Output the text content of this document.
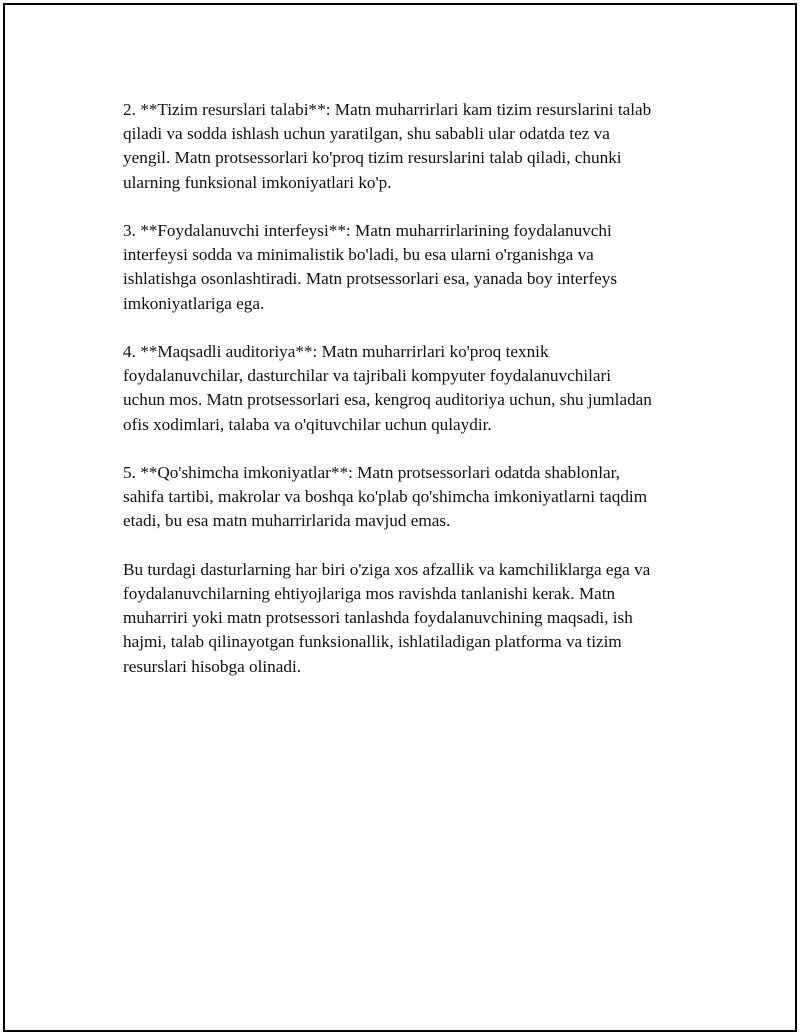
2. **Tizim resurslari talabi**: Matn muharrirlari kam tizim resurslarini talab
qiladi va sodda ishlash uchun yaratilgan, shu sababli ular odatda tez va
yengil. Matn protsessorlari ko'proq tizim resurslarini talab qiladi, chunki
ularning funksional imkoniyatlari ko'p.

3. **Foydalanuvchi interfeysi**: Matn muharrirlarining foydalanuvchi
interfeysi sodda va minimalistik bo'ladi, bu esa ularni o'rganishga va
ishlatishga osonlashtiradi. Matn protsessorlari esa, yanada boy interfeys
imkoniyatlariga ega.

4. **Maqsadli auditoriya**: Matn muharrirlari ko'proq texnik
foydalanuvchilar, dasturchilar va tajribali kompyuter foydalanuvchilari
uchun mos. Matn protsessorlari esa, kengroq auditoriya uchun, shu jumladan
ofis xodimlari, talaba va o'qituvchilar uchun qulaydir.

5. **Qo'shimcha imkoniyatlar**: Matn protsessorlari odatda shablonlar,
sahifa tartibi, makrolar va boshqa ko'plab qo'shimcha imkoniyatlarni taqdim
etadi, bu esa matn muharrirlarida mavjud emas.

Bu turdagi dasturlarning har biri o'ziga xos afzallik va kamchiliklarga ega va
foydalanuvchilarning ehtiyojlariga mos ravishda tanlanishi kerak. Matn
muharriri yoki matn protsessori tanlashda foydalanuvchining maqsadi, ish
hajmi, talab qilinayotgan funksionallik, ishlatiladigan platforma va tizim
resurslari hisobga olinadi.
